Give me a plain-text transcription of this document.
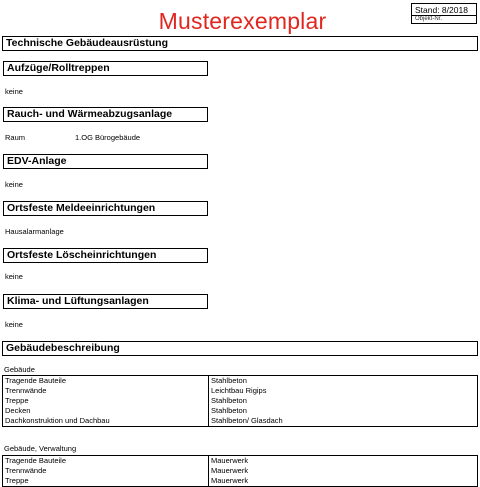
Musterexemplar	Stand: 8/2018
Objekt-Nr.
Technische Gebäudeausrüstung
Aufzüge/Rolltreppen
keine
Rauch- und Wärmeabzugsanlage
Raum	1.OG Bürogebäude
EDV-Anlage
keine
Ortsfeste Meldeeinrichtungen
Hausalarmanlage
Ortsfeste Löscheinrichtungen
keine
Klima- und Lüftungsanlagen
keine
Gebäudebeschreibung
Gebäude
Tragende Bauteile	Stahlbeton
Trennwände	Leichtbau Rigips
Treppe	Stahlbeton
Decken	Stahlbeton
Dachkonstruktion und Dachbau	Stahlbeton/ Glasdach
Gebäude, Verwaltung
Tragende Bauteile	Mauerwerk
Trennwände	Mauerwerk
Treppe	Mauerwerk
